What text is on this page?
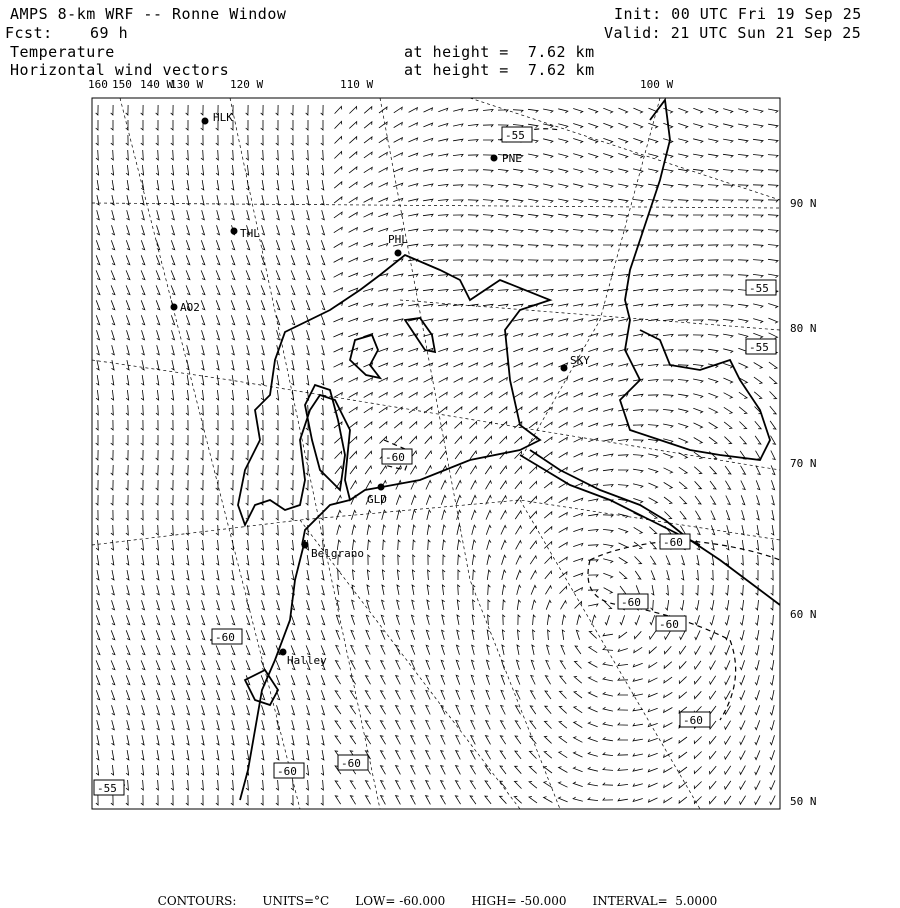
AMPS 8-km WRF -- Ronne Window
Fcst: 69 h
Init: 00 UTC Fri 19 Sep 25
Valid: 21 UTC Sun 21 Sep 25
Temperature
Horizontal wind vectors
at height =  7.62 km
at height =  7.62 km
HLK
PNE
THL	PHL
AO2
SKY
GLD
Belgrano
Halley
-55
-55
-55
-60
-60
-60
-60
-60
-60
-60
-60
-55
160 150 140 W
130 W 120 W	110 W	100 W
90 N
80 N
70 N
60 N
50 N

CONTOURS: UNITS=°C LOW= -60.000 HIGH= -50.000 INTERVAL=  5.0000
